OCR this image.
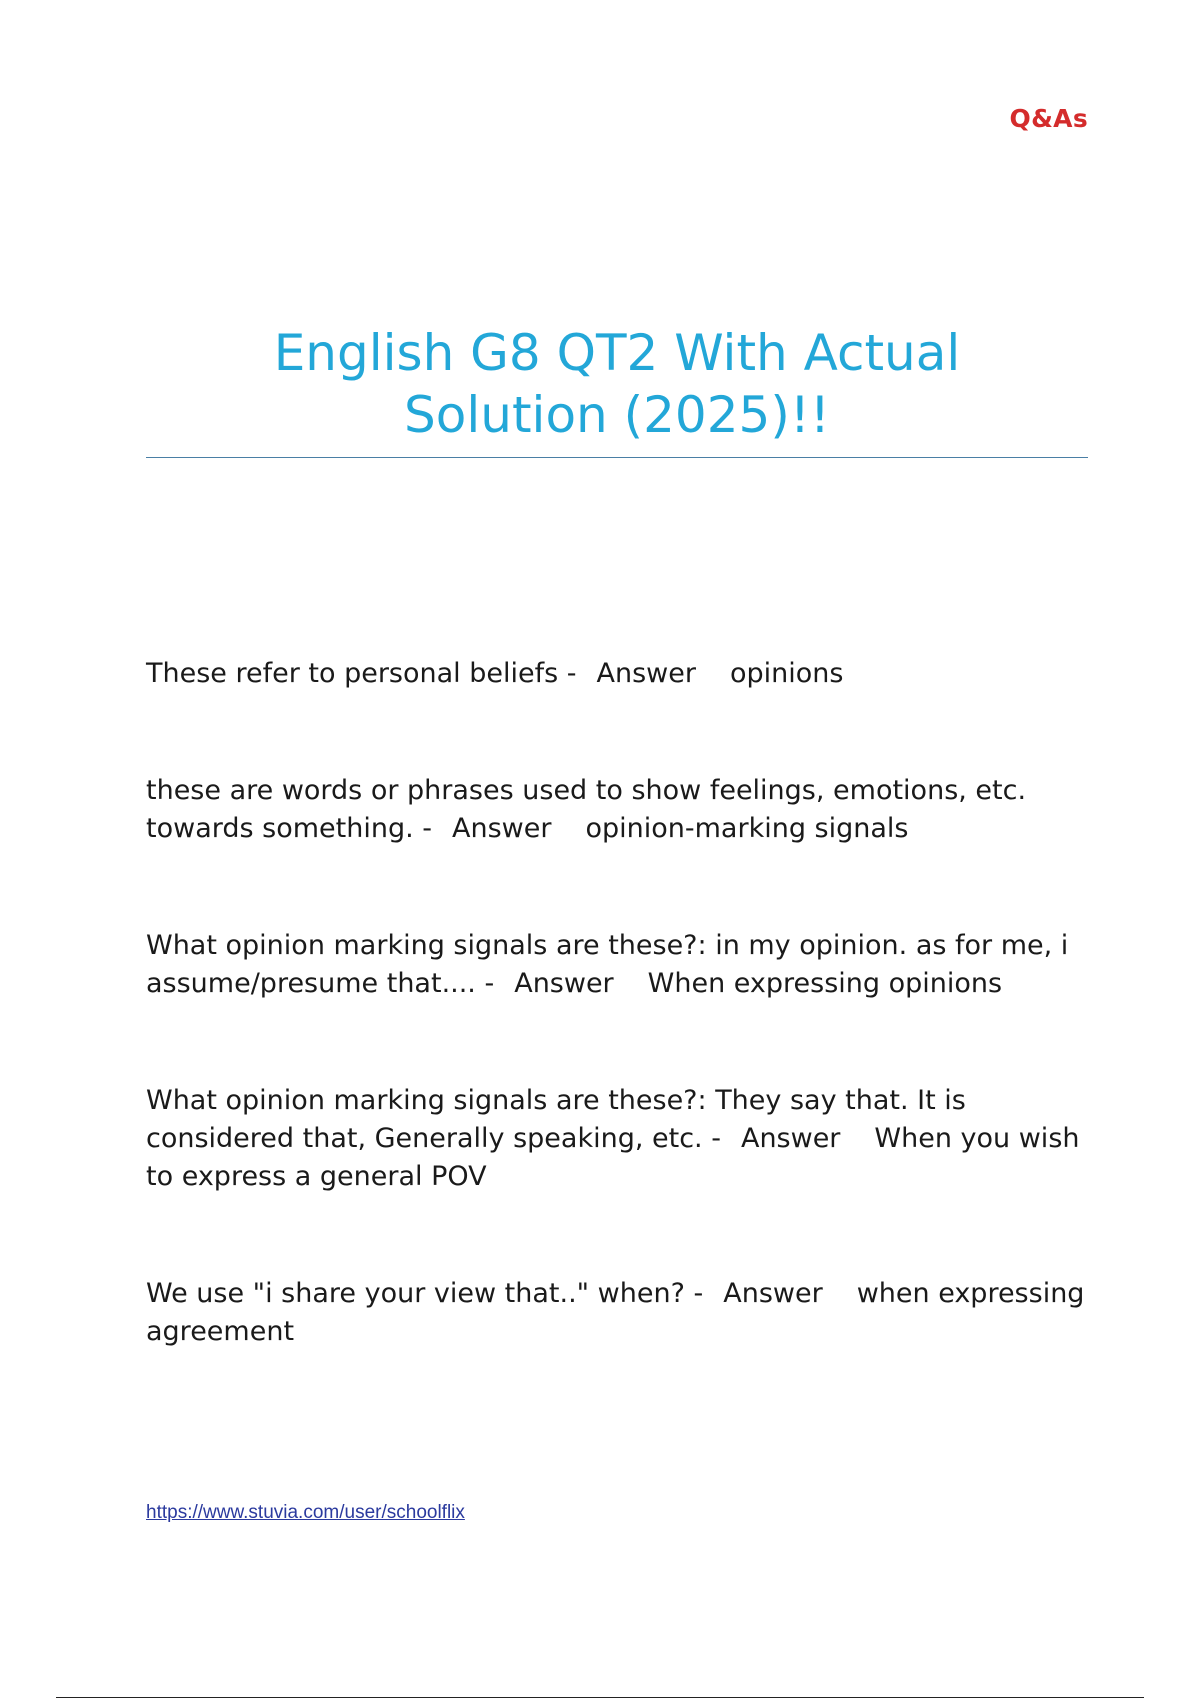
Q&As
English G8 QT2 With Actual Solution (2025)!!

These refer to personal beliefs - Answer opinions

these are words or phrases used to show feelings, emotions, etc. towards something. - Answer opinion-marking signals

What opinion marking signals are these?: in my opinion. as for me, i assume/presume that.... - Answer When expressing opinions

What opinion marking signals are these?: They say that. It is considered that, Generally speaking, etc. - Answer When you wish to express a general POV

We use "i share your view that.." when? - Answer when expressing agreement

https://www.stuvia.com/user/schoolflix
